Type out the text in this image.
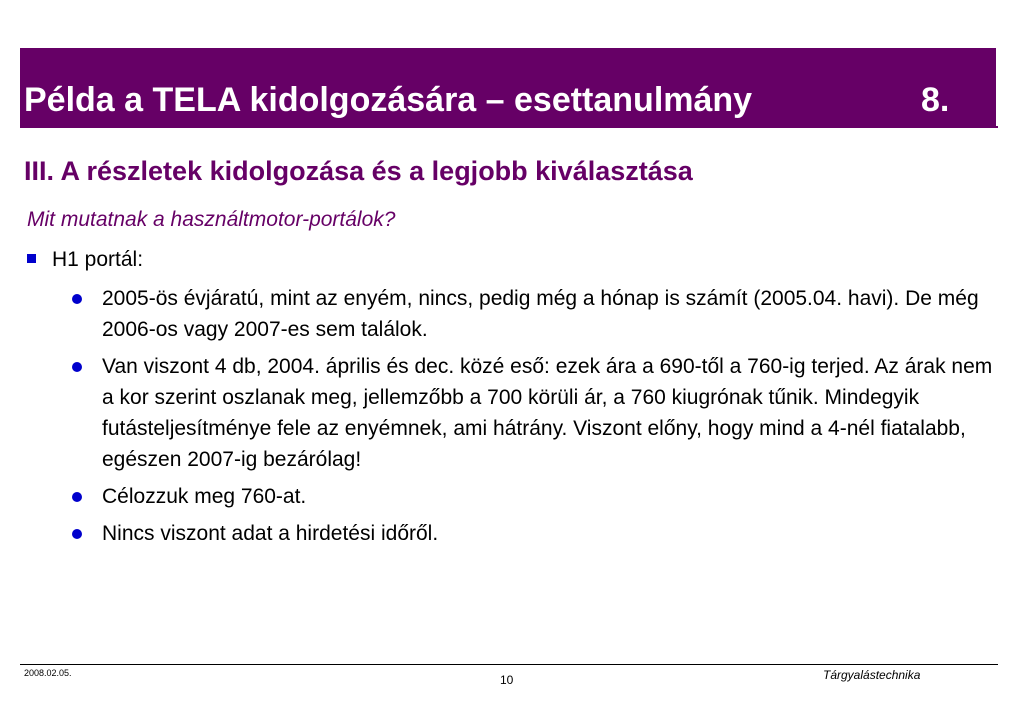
Példa a TELA kidolgozására – esettanulmány	8.
III. A részletek kidolgozása és a legjobb kiválasztása
Mit mutatnak a használtmotor-portálok?
H1 portál:
2005-ös évjáratú, mint az enyém, nincs, pedig még a hónap is számít (2005.04. havi). De még 2006-os vagy 2007-es sem találok.
Van viszont 4 db, 2004. április és dec. közé eső: ezek ára a 690-től a 760-ig terjed. Az árak nem a kor szerint oszlanak meg, jellemzőbb a 700 körüli ár, a 760 kiugrónak tűnik. Mindegyik futásteljesítménye fele az enyémnek, ami hátrány. Viszont előny, hogy mind a 4-nél fiatalabb, egészen 2007-ig bezárólag!
Célozzuk meg 760-at.
Nincs viszont adat a hirdetési időről.
2008.02.05.	10	Tárgyalástechnika
